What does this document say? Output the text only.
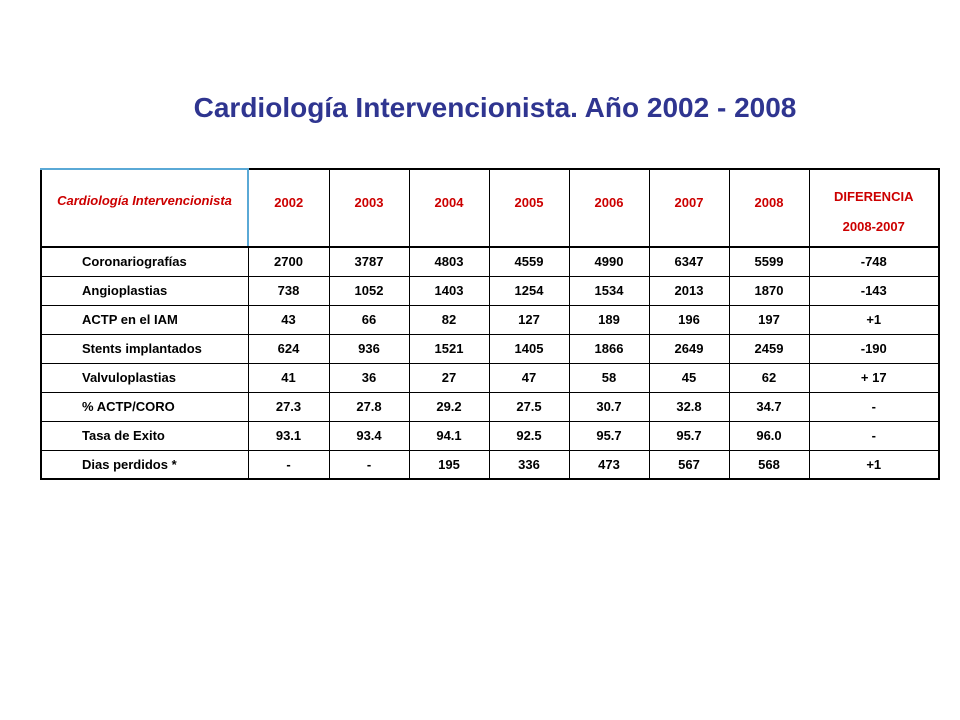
Cardiología Intervencionista. Año 2002 - 2008
Cardiología Intervencionista	2002	2003	2004	2005	2006	2007	2008	DIFERENCIA
2008-2007

Coronariografías	2700	3787	4803	4559	4990	6347	5599	-748
Angioplastias	738	1052	1403	1254	1534	2013	1870	-143
ACTP en el IAM	43	66	82	127	189	196	197	+1
Stents implantados	624	936	1521	1405	1866	2649	2459	-190
Valvuloplastias	41	36	27	47	58	45	62	+ 17
% ACTP/CORO	27.3	27.8	29.2	27.5	30.7	32.8	34.7	-
Tasa de Exito	93.1	93.4	94.1	92.5	95.7	95.7	96.0	-
Dias perdidos *	-	-	195	336	473	567	568	+1
